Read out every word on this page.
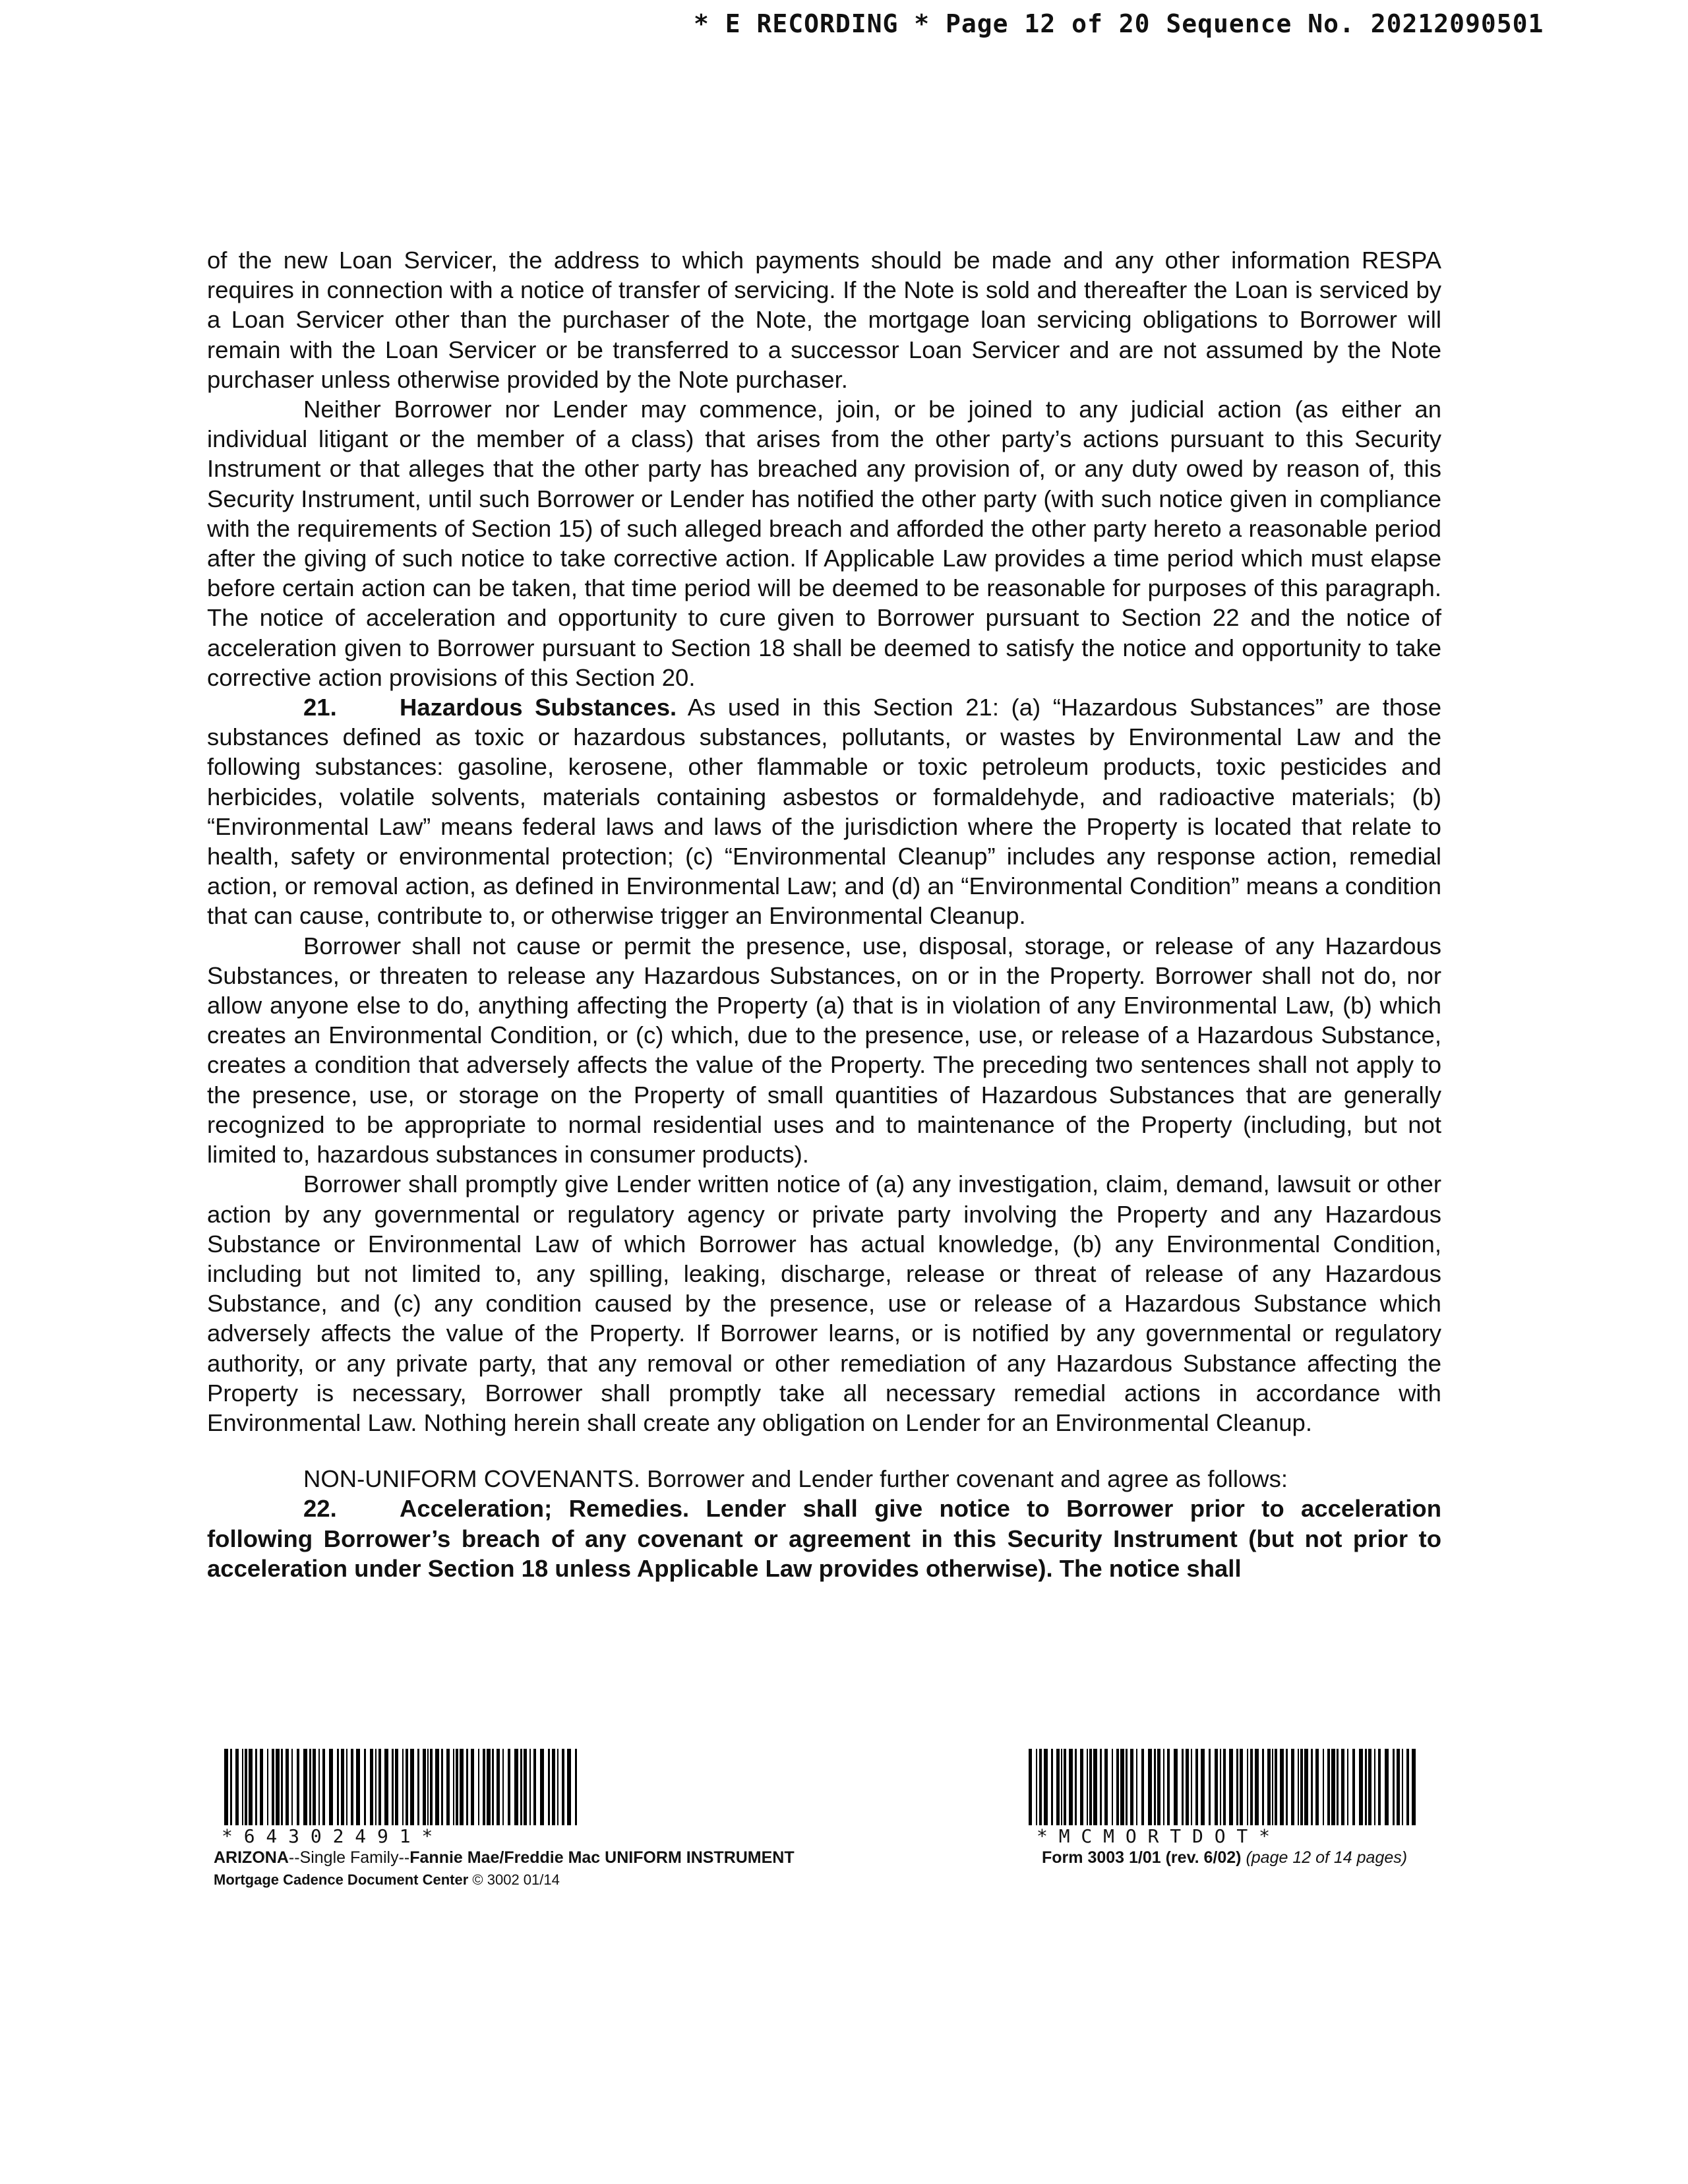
* E RECORDING * Page 12 of 20 Sequence No. 20212090501

of the new Loan Servicer, the address to which payments should be made and any other information RESPA requires in connection with a notice of transfer of servicing. If the Note is sold and thereafter the Loan is serviced by a Loan Servicer other than the purchaser of the Note, the mortgage loan servicing obligations to Borrower will remain with the Loan Servicer or be transferred to a successor Loan Servicer and are not assumed by the Note purchaser unless otherwise provided by the Note purchaser.

Neither Borrower nor Lender may commence, join, or be joined to any judicial action (as either an individual litigant or the member of a class) that arises from the other party’s actions pursuant to this Security Instrument or that alleges that the other party has breached any provision of, or any duty owed by reason of, this Security Instrument, until such Borrower or Lender has notified the other party (with such notice given in compliance with the requirements of Section 15) of such alleged breach and afforded the other party hereto a reasonable period after the giving of such notice to take corrective action. If Applicable Law provides a time period which must elapse before certain action can be taken, that time period will be deemed to be reasonable for purposes of this paragraph. The notice of acceleration and opportunity to cure given to Borrower pursuant to Section 22 and the notice of acceleration given to Borrower pursuant to Section 18 shall be deemed to satisfy the notice and opportunity to take corrective action provisions of this Section 20.

21.	Hazardous Substances. As used in this Section 21: (a) “Hazardous Substances” are those substances defined as toxic or hazardous substances, pollutants, or wastes by Environmental Law and the following substances: gasoline, kerosene, other flammable or toxic petroleum products, toxic pesticides and herbicides, volatile solvents, materials containing asbestos or formaldehyde, and radioactive materials; (b) “Environmental Law” means federal laws and laws of the jurisdiction where the Property is located that relate to health, safety or environmental protection; (c) “Environmental Cleanup” includes any response action, remedial action, or removal action, as defined in Environmental Law; and (d) an “Environmental Condition” means a condition that can cause, contribute to, or otherwise trigger an Environmental Cleanup.

Borrower shall not cause or permit the presence, use, disposal, storage, or release of any Hazardous Substances, or threaten to release any Hazardous Substances, on or in the Property. Borrower shall not do, nor allow anyone else to do, anything affecting the Property (a) that is in violation of any Environmental Law, (b) which creates an Environmental Condition, or (c) which, due to the presence, use, or release of a Hazardous Substance, creates a condition that adversely affects the value of the Property. The preceding two sentences shall not apply to the presence, use, or storage on the Property of small quantities of Hazardous Substances that are generally recognized to be appropriate to normal residential uses and to maintenance of the Property (including, but not limited to, hazardous substances in consumer products).

Borrower shall promptly give Lender written notice of (a) any investigation, claim, demand, lawsuit or other action by any governmental or regulatory agency or private party involving the Property and any Hazardous Substance or Environmental Law of which Borrower has actual knowledge, (b) any Environmental Condition, including but not limited to, any spilling, leaking, discharge, release or threat of release of any Hazardous Substance, and (c) any condition caused by the presence, use or release of a Hazardous Substance which adversely affects the value of the Property. If Borrower learns, or is notified by any governmental or regulatory authority, or any private party, that any removal or other remediation of any Hazardous Substance affecting the Property is necessary, Borrower shall promptly take all necessary remedial actions in accordance with Environmental Law. Nothing herein shall create any obligation on Lender for an Environmental Cleanup.

NON-UNIFORM COVENANTS. Borrower and Lender further covenant and agree as follows:

22.	Acceleration; Remedies. Lender shall give notice to Borrower prior to acceleration following Borrower’s breach of any covenant or agreement in this Security Instrument (but not prior to acceleration under Section 18 unless Applicable Law provides otherwise). The notice shall

* 6 4 3 0 2 4 9 1 *	* M C M O R T D O T *
ARIZONA--Single Family--Fannie Mae/Freddie Mac UNIFORM INSTRUMENT
Mortgage Cadence Document Center © 3002 01/14
Form 3003 1/01 (rev. 6/02) (page 12 of 14 pages)
